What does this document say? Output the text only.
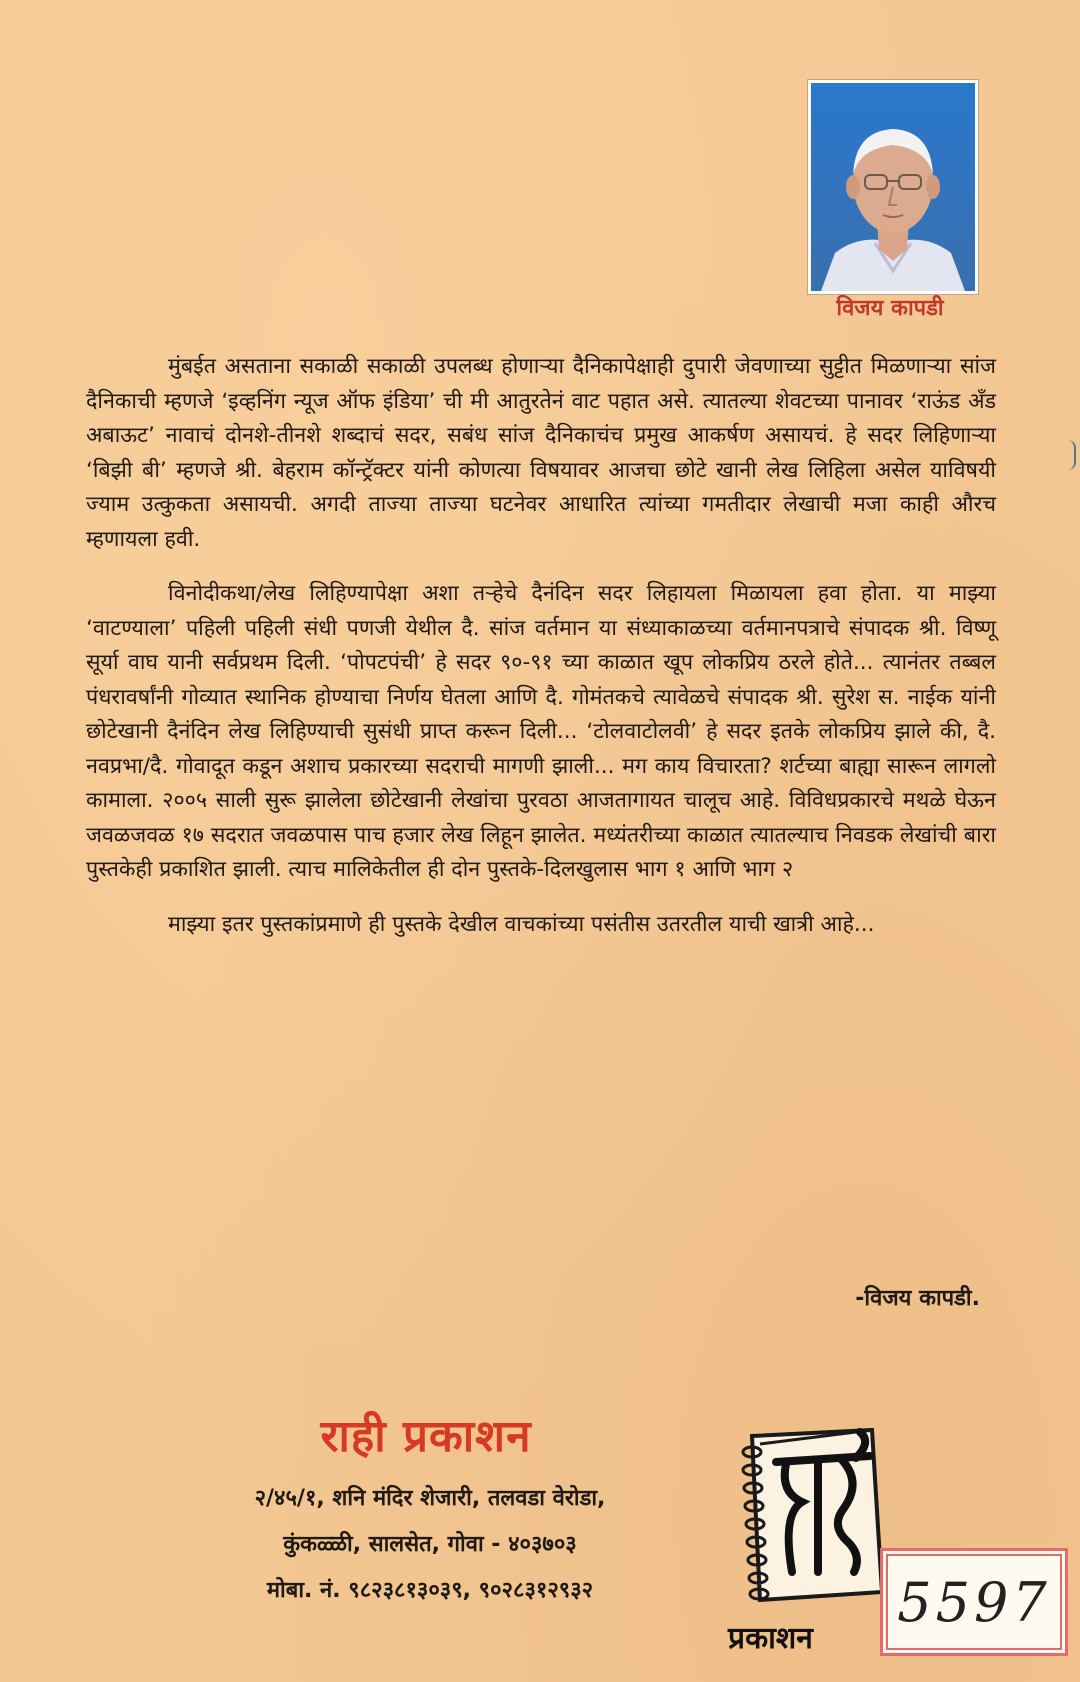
विजय कापडी

मुंबईत असताना सकाळी सकाळी उपलब्ध होणाऱ्या दैनिकापेक्षाही दुपारी जेवणाच्या सुट्टीत मिळणाऱ्या सांज दैनिकाची म्हणजे ‘इव्हनिंग न्यूज ऑफ इंडिया’ ची मी आतुरतेनं वाट पहात असे. त्यातल्या शेवटच्या पानावर ‘राऊंड अँड अबाऊट’ नावाचं दोनशे-तीनशे शब्दाचं सदर, सबंध सांज दैनिकाचंच प्रमुख आकर्षण असायचं. हे सदर लिहिणाऱ्या ‘बिझी बी’ म्हणजे श्री. बेहराम कॉन्ट्रॅक्टर यांनी कोणत्या विषयावर आजचा छोटे खानी लेख लिहिला असेल याविषयी ज्याम उत्कुकता असायची. अगदी ताज्या ताज्या घटनेवर आधारित त्यांच्या गमतीदार लेखाची मजा काही औरच म्हणायला हवी.

विनोदीकथा/लेख लिहिण्यापेक्षा अशा तऱ्हेचे दैनंदिन सदर लिहायला मिळायला हवा होता. या माझ्या ‘वाटण्याला’ पहिली पहिली संधी पणजी येथील दै. सांज वर्तमान या संध्याकाळच्या वर्तमानपत्राचे संपादक श्री. विष्णू सूर्या वाघ यानी सर्वप्रथम दिली. ‘पोपटपंची’ हे सदर ९०-९१ च्या काळात खूप लोकप्रिय ठरले होते... त्यानंतर तब्बल पंधरावर्षांनी गोव्यात स्थानिक होण्याचा निर्णय घेतला आणि दै. गोमंतकचे त्यावेळचे संपादक श्री. सुरेश स. नाईक यांनी छोटेखानी दैनंदिन लेख लिहिण्याची सुसंधी प्राप्त करून दिली... ‘टोलवाटोलवी’ हे सदर इतके लोकप्रिय झाले की, दै. नवप्रभा/दै. गोवादूत कडून अशाच प्रकारच्या सदराची मागणी झाली... मग काय विचारता? शर्टच्या बाह्या सारून लागलो कामाला. २००५ साली सुरू झालेला छोटेखानी लेखांचा पुरवठा आजतागायत चालूच आहे. विविधप्रकारचे मथळे घेऊन जवळजवळ १७ सदरात जवळपास पाच हजार लेख लिहून झालेत. मध्यंतरीच्या काळात त्यातल्याच निवडक लेखांची बारा पुस्तकेही प्रकाशित झाली. त्याच मालिकेतील ही दोन पुस्तके-दिलखुलास भाग १ आणि भाग २

माझ्या इतर पुस्तकांप्रमाणे ही पुस्तके देखील वाचकांच्या पसंतीस उतरतील याची खात्री आहे...

-विजय कापडी.
राही प्रकाशन
२/४५/१, शनि मंदिर शेजारी, तलवडा वेरोडा,
कुंकळ्ळी, सालसेत, गोवा - ४०३७०३
मोबा. नं. ९८२३८१३०३९, ९०२८३१२९३२
प्रकाशन
5597
